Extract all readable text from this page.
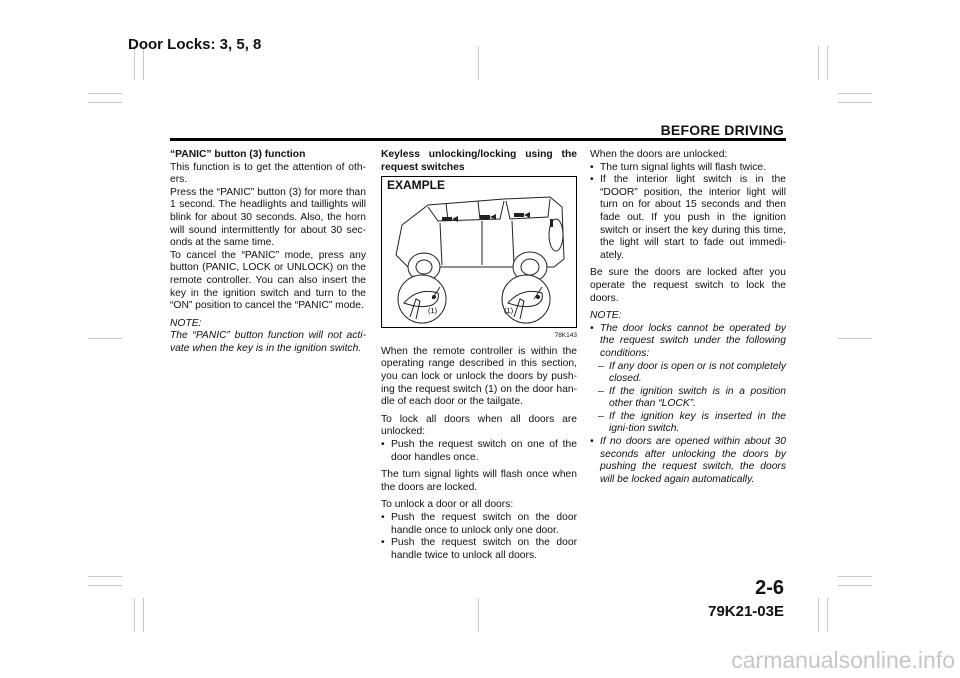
Door Locks: 3, 5, 8
BEFORE DRIVING
“PANIC” button (3) function
This function is to get the attention of oth-ers.
Press the “PANIC” button (3) for more than 1 second. The headlights and taillights will blink for about 30 seconds. Also, the horn will sound intermittently for about 30 sec-onds at the same time.

To cancel the “PANIC” mode, press any button (PANIC, LOCK or UNLOCK) on the remote controller. You can also insert the key in the ignition switch and turn to the “ON” position to cancel the “PANIC” mode.

NOTE:
The “PANIC” button function will not acti-vate when the key is in the ignition switch.
Keyless unlocking/locking using the request switches
EXAMPLE
(1)	(1)
78K143

When the remote controller is within the operating range described in this section, you can lock or unlock the doors by push-ing the request switch (1) on the door han-dle of each door or the tailgate.

To lock all doors when all doors are unlocked:

• Push the request switch on one of the door handles once.

The turn signal lights will flash once when the doors are locked.

To unlock a door or all doors:
• Push the request switch on the door handle once to unlock only one door.
• Push the request switch on the door handle twice to unlock all doors.
When the doors are unlocked:
• The turn signal lights will flash twice.

• If the interior light switch is in the “DOOR” position, the interior light will turn on for about 15 seconds and then fade out. If you push in the ignition switch or insert the key during this time, the light will start to fade out immedi-ately.

Be sure the doors are locked after you operate the request switch to lock the doors.

NOTE:
• The door locks cannot be operated by the request switch under the following conditions:
– If any door is open or is not completely closed.
– If the ignition switch is in a position other than “LOCK”.
– If the ignition key is inserted in the igni-tion switch.
• If no doors are opened within about 30 seconds after unlocking the doors by pushing the request switch, the doors will be locked again automatically.
2-6
79K21-03E
carmanualsonline.info
